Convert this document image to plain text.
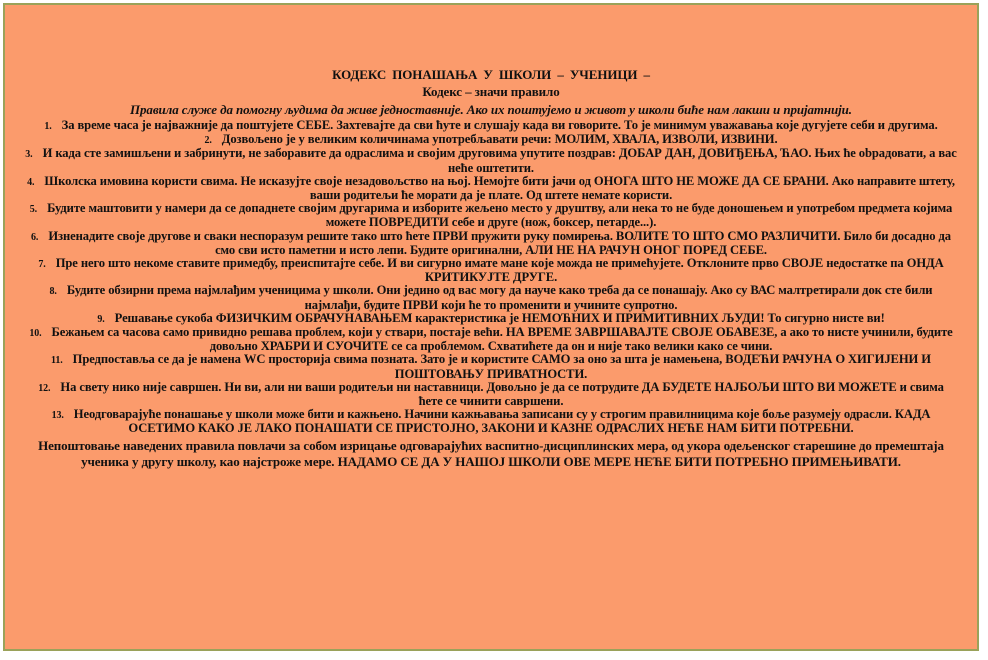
КОДЕКС ПОНАШАЊА У ШКОЛИ – УЧЕНИЦИ –
Кодекс – значи правило
Правила служе да помогну људима да живе једноставније. Ако их поштујемо и живот у школи биће нам лакши и пријатнији.
1. За време часа је најважније да поштујете СЕБЕ. Захтевајте да сви ћуте и слушају када ви говорите. То је минимум уважавања које дугујете себи и другима.
2. Дозвољено је у великим количинама употребљавати речи: МОЛИМ, ХВАЛА, ИЗВОЛИ, ИЗВИНИ.
3. И када сте замишљени и забринути, не заборавите да одраслима и својим друговима упутите поздрав: ДОБАР ДАН, ДОВИЂЕЊА, ЋАО. Њих ће obрадовати, а вас неће оштетити.
4. Школска имовина користи свима. Не исказујте своје незадовољство на њој. Немојте бити јачи од ОНОГА ШТО НЕ МОЖЕ ДА СЕ БРАНИ. Ако направите штету, ваши родитељи ће морати да је плате. Од штете немате користи.
5. Будите маштовити у намери да се допаднете својим другарима и изборите жељено место у друштву, али нека то не буде доношењем и употребом предмета којима можете ПОВРЕДИТИ себе и друге (нож, боксер, петарде...).
6. Изненадите своје другове и сваки неспоразум решите тако што ћете ПРВИ пружити руку помирења. ВОЛИТЕ ТО ШТО СМО РАЗЛИЧИТИ. Било би досадно да смо сви исто паметни и исто лепи. Будите оригинални, АЛИ НЕ НА РАЧУН ОНОГ ПОРЕД СЕБЕ.
7. Пре него што некоме ставите примедбу, преиспитајте себе. И ви сигурно имате мане које можда не примећујете. Отклоните прво СВОЈЕ недостатке па ОНДА КРИТИКУЈТЕ ДРУГЕ.
8. Будите обзирни према најмлађим ученицима у школи. Они једино од вас могу да науче како треба да се понашају. Ако су ВАС малтретирали док сте били најмлађи, будите ПРВИ који ће то променити и учините супротно.
9. Решавање сукоба ФИЗИЧКИМ ОБРАЧУНАВАЊЕМ карактеристика је НЕМОЋНИХ И ПРИМИТИВНИХ ЉУДИ! То сигурно нисте ви!
10. Бежањем са часова само привидно решава проблем, који у ствари, постаје већи. НА ВРЕМЕ ЗАВРШАВАЈТЕ СВОЈЕ ОБАВЕЗЕ, а ако то нисте учинили, будите довољно ХРАБРИ И СУОЧИТЕ се са проблемом. Схватићете да он и није тако велики како се чини.
11. Предпоставља се да је намена WC просторија свима позната. Зато је и користите САМО за оно за шта је намењена, ВОДЕЋИ РАЧУНА О ХИГИЈЕНИ И ПОШТОВАЊУ ПРИВАТНОСТИ.
12. На свету нико није савршен. Ни ви, али ни ваши родитељи ни наставници. Довољно је да се потрудите ДА БУДЕТЕ НАЈБОЉИ ШТО ВИ МОЖЕТЕ и свима ћете се чинити савршени.
13. Неодговарајуће понашање у школи може бити и кажњено. Начини кажњавања записани су у строгим правилницима које боље разумеју одрасли. КАДА ОСЕТИМО КАКО ЈЕ ЛАКО ПОНАШАТИ СЕ ПРИСТОЈНО, ЗАКОНИ И КАЗНЕ ОДРАСЛИХ НЕЋЕ НАМ БИТИ ПОТРЕБНИ.
Непоштовање наведених правила повлачи за собом изрицање одговарајућих васпитно-дисциплинских мера, од укора одељенског старешине до премештаја ученика у другу школу, као најстроже мере. НАДАМО СЕ ДА У НАШОЈ ШКОЛИ ОВЕ МЕРЕ НЕЋЕ БИТИ ПОТРЕБНО ПРИМЕЊИВАТИ.
